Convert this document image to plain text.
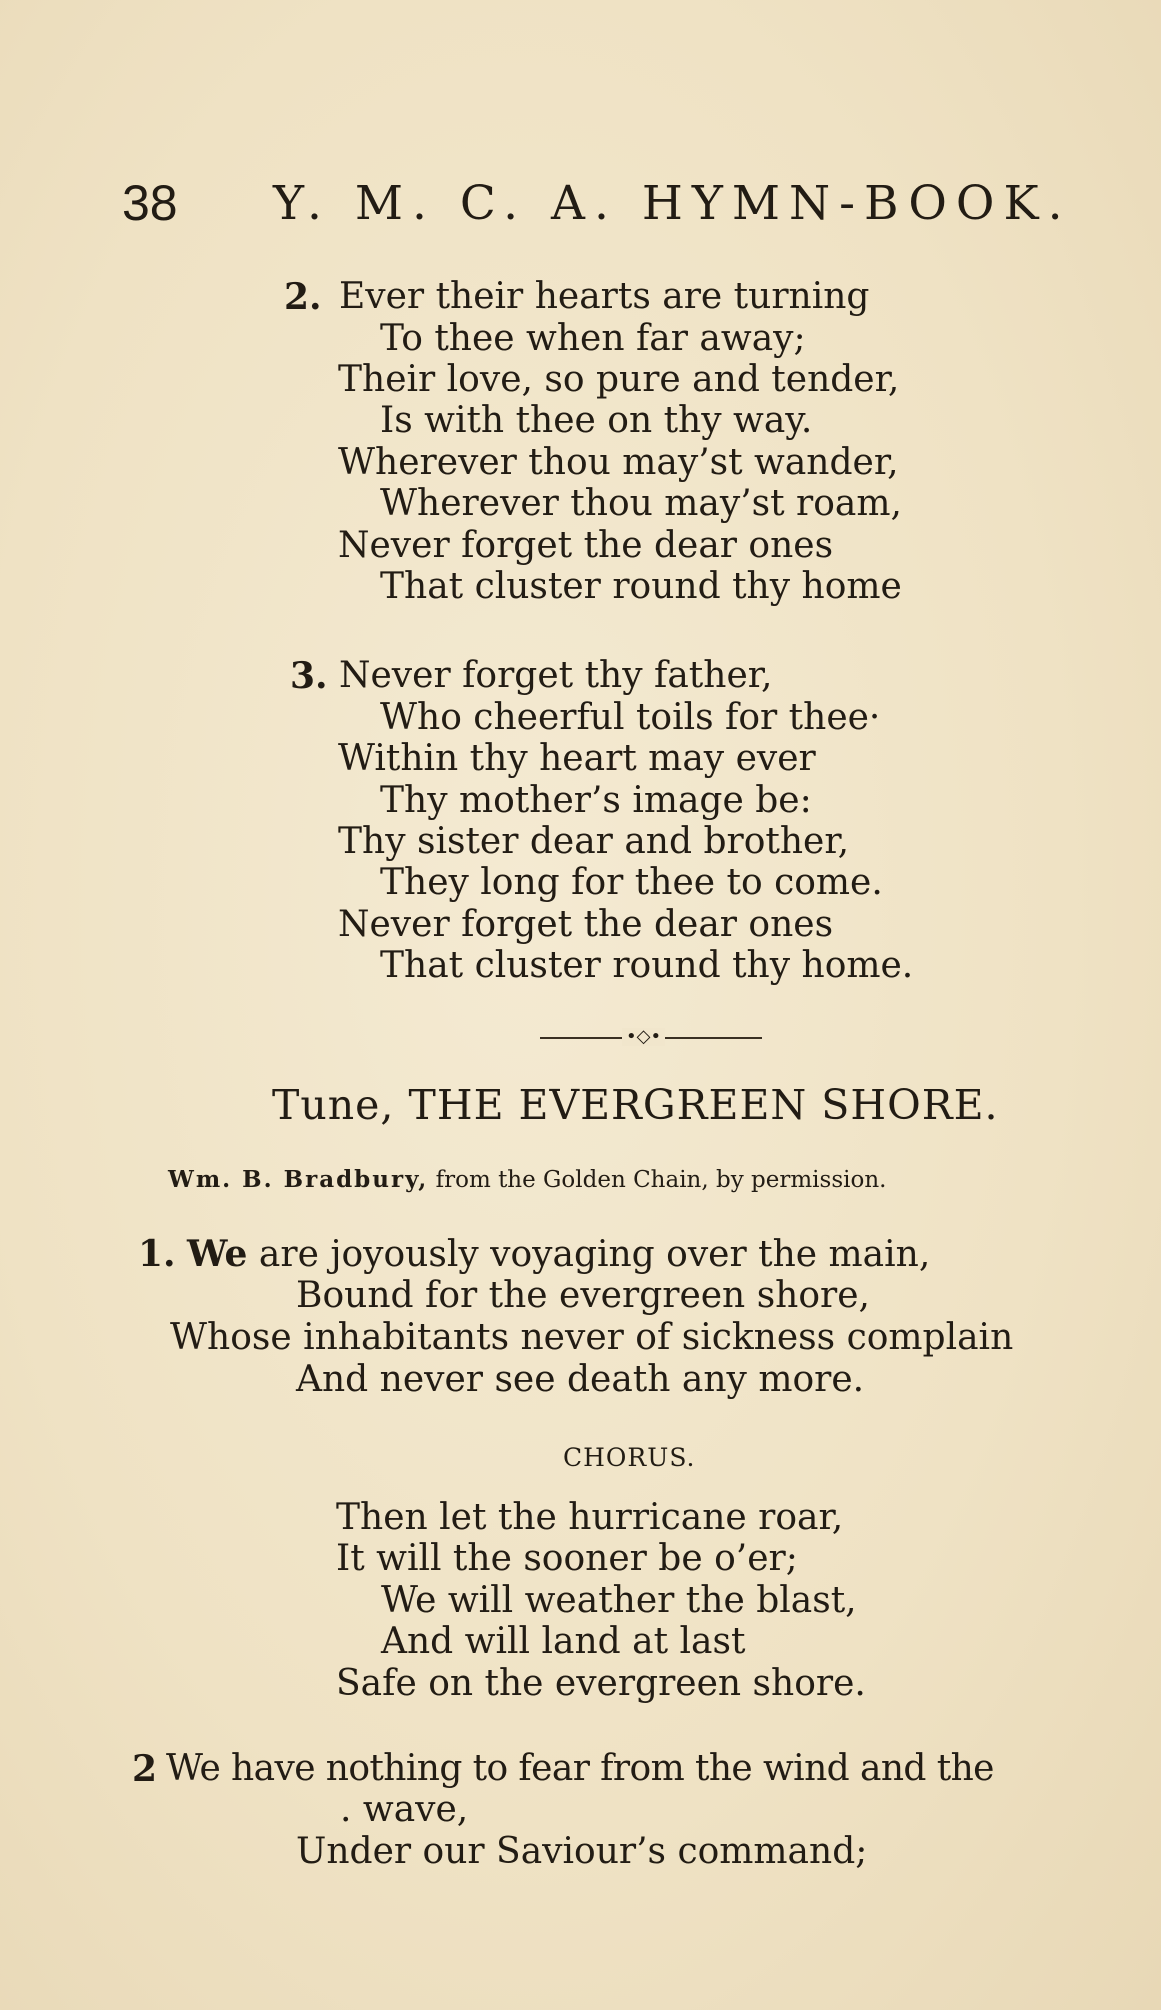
38 Y. M. C. A. HYMN-BOOK.
2. Ever their hearts are turning
To thee when far away;
Their love, so pure and tender,
Is with thee on thy way.
Wherever thou may’st wander,
Wherever thou may’st roam,
Never forget the dear ones
That cluster round thy home
3. Never forget thy father,
Who cheerful toils for thee·
Within thy heart may ever
Thy mother’s image be:
Thy sister dear and brother,
They long for thee to come.
Never forget the dear ones
That cluster round thy home.
•◇•
Tune, THE EVERGREEN SHORE.
Wm. B. Bradbury, from the Golden Chain, by permission.
1. We are joyously voyaging over the main,
Bound for the evergreen shore,
Whose inhabitants never of sickness complain
And never see death any more.
CHORUS.
Then let the hurricane roar,
It will the sooner be o’er;
We will weather the blast,
And will land at last
Safe on the evergreen shore.
2 We have nothing to fear from the wind and the
. wave,
Under our Saviour’s command;
